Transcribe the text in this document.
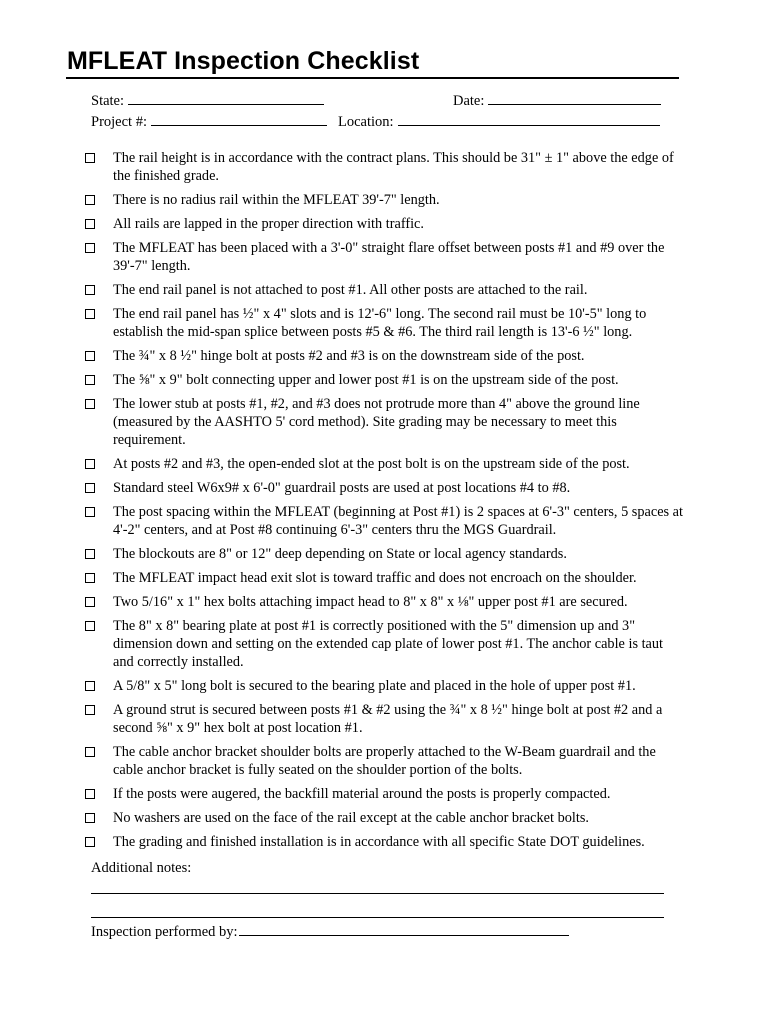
MFLEAT Inspection Checklist
State:	Date:
Project #:	Location:
The rail height is in accordance with the contract plans. This should be 31" ± 1" above the edge of the finished grade.
There is no radius rail within the MFLEAT 39'-7" length.
All rails are lapped in the proper direction with traffic.
The MFLEAT has been placed with a 3'-0" straight flare offset between posts #1 and #9 over the 39'-7" length.
The end rail panel is not attached to post #1. All other posts are attached to the rail.
The end rail panel has ½" x 4" slots and is 12'-6" long. The second rail must be 10'-5" long to establish the mid-span splice between posts #5 & #6. The third rail length is 13'-6 ½" long.
The ¾" x 8 ½" hinge bolt at posts #2 and #3 is on the downstream side of the post.
The ⅝" x 9" bolt connecting upper and lower post #1 is on the upstream side of the post.
The lower stub at posts #1, #2, and #3 does not protrude more than 4" above the ground line (measured by the AASHTO 5' cord method). Site grading may be necessary to meet this requirement.
At posts #2 and #3, the open-ended slot at the post bolt is on the upstream side of the post.
Standard steel W6x9# x 6'-0" guardrail posts are used at post locations #4 to #8.
The post spacing within the MFLEAT (beginning at Post #1) is 2 spaces at 6'-3" centers, 5 spaces at 4'-2" centers, and at Post #8 continuing 6'-3" centers thru the MGS Guardrail.
The blockouts are 8" or 12" deep depending on State or local agency standards.
The MFLEAT impact head exit slot is toward traffic and does not encroach on the shoulder.
Two 5/16" x 1" hex bolts attaching impact head to 8" x 8" x ⅛" upper post #1 are secured.
The 8" x 8" bearing plate at post #1 is correctly positioned with the 5" dimension up and 3" dimension down and setting on the extended cap plate of lower post #1. The anchor cable is taut and correctly installed.
A 5/8" x 5" long bolt is secured to the bearing plate and placed in the hole of upper post #1.
A ground strut is secured between posts #1 & #2 using the ¾" x 8 ½" hinge bolt at post #2 and a second ⅝" x 9" hex bolt at post location #1.
The cable anchor bracket shoulder bolts are properly attached to the W-Beam guardrail and the cable anchor bracket is fully seated on the shoulder portion of the bolts.
If the posts were augered, the backfill material around the posts is properly compacted.
No washers are used on the face of the rail except at the cable anchor bracket bolts.
The grading and finished installation is in accordance with all specific State DOT guidelines.
Additional notes:
Inspection performed by:
